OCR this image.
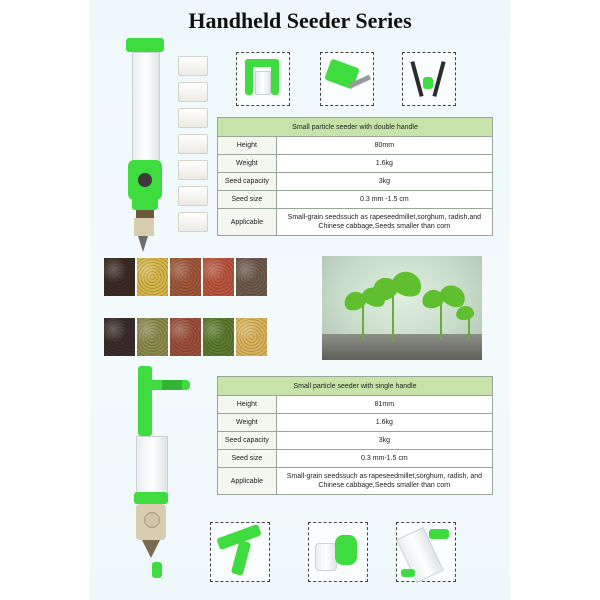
Handheld Seeder Series
Small particle seeder with double handle	
Height	80mm
Weight	1.6kg
Seed capacity	3kg
Seed size	0.3 mm -1.5 cm
Applicable	Small-grain seedssuch as rapeseedmillet,sorghum, radish,and Chinese cabbage,Seeds smaller than corn
Small particle seeder with single handle	
Height	81mm
Weight	1.6kg
Seed capacity	3kg
Seed size	0.3 mm-1.5 cm
Applicable	Small-grain seedssuch as rapeseedmillet,sorghum, radish, and Chinese cabbage,Seeds smaller than corn
